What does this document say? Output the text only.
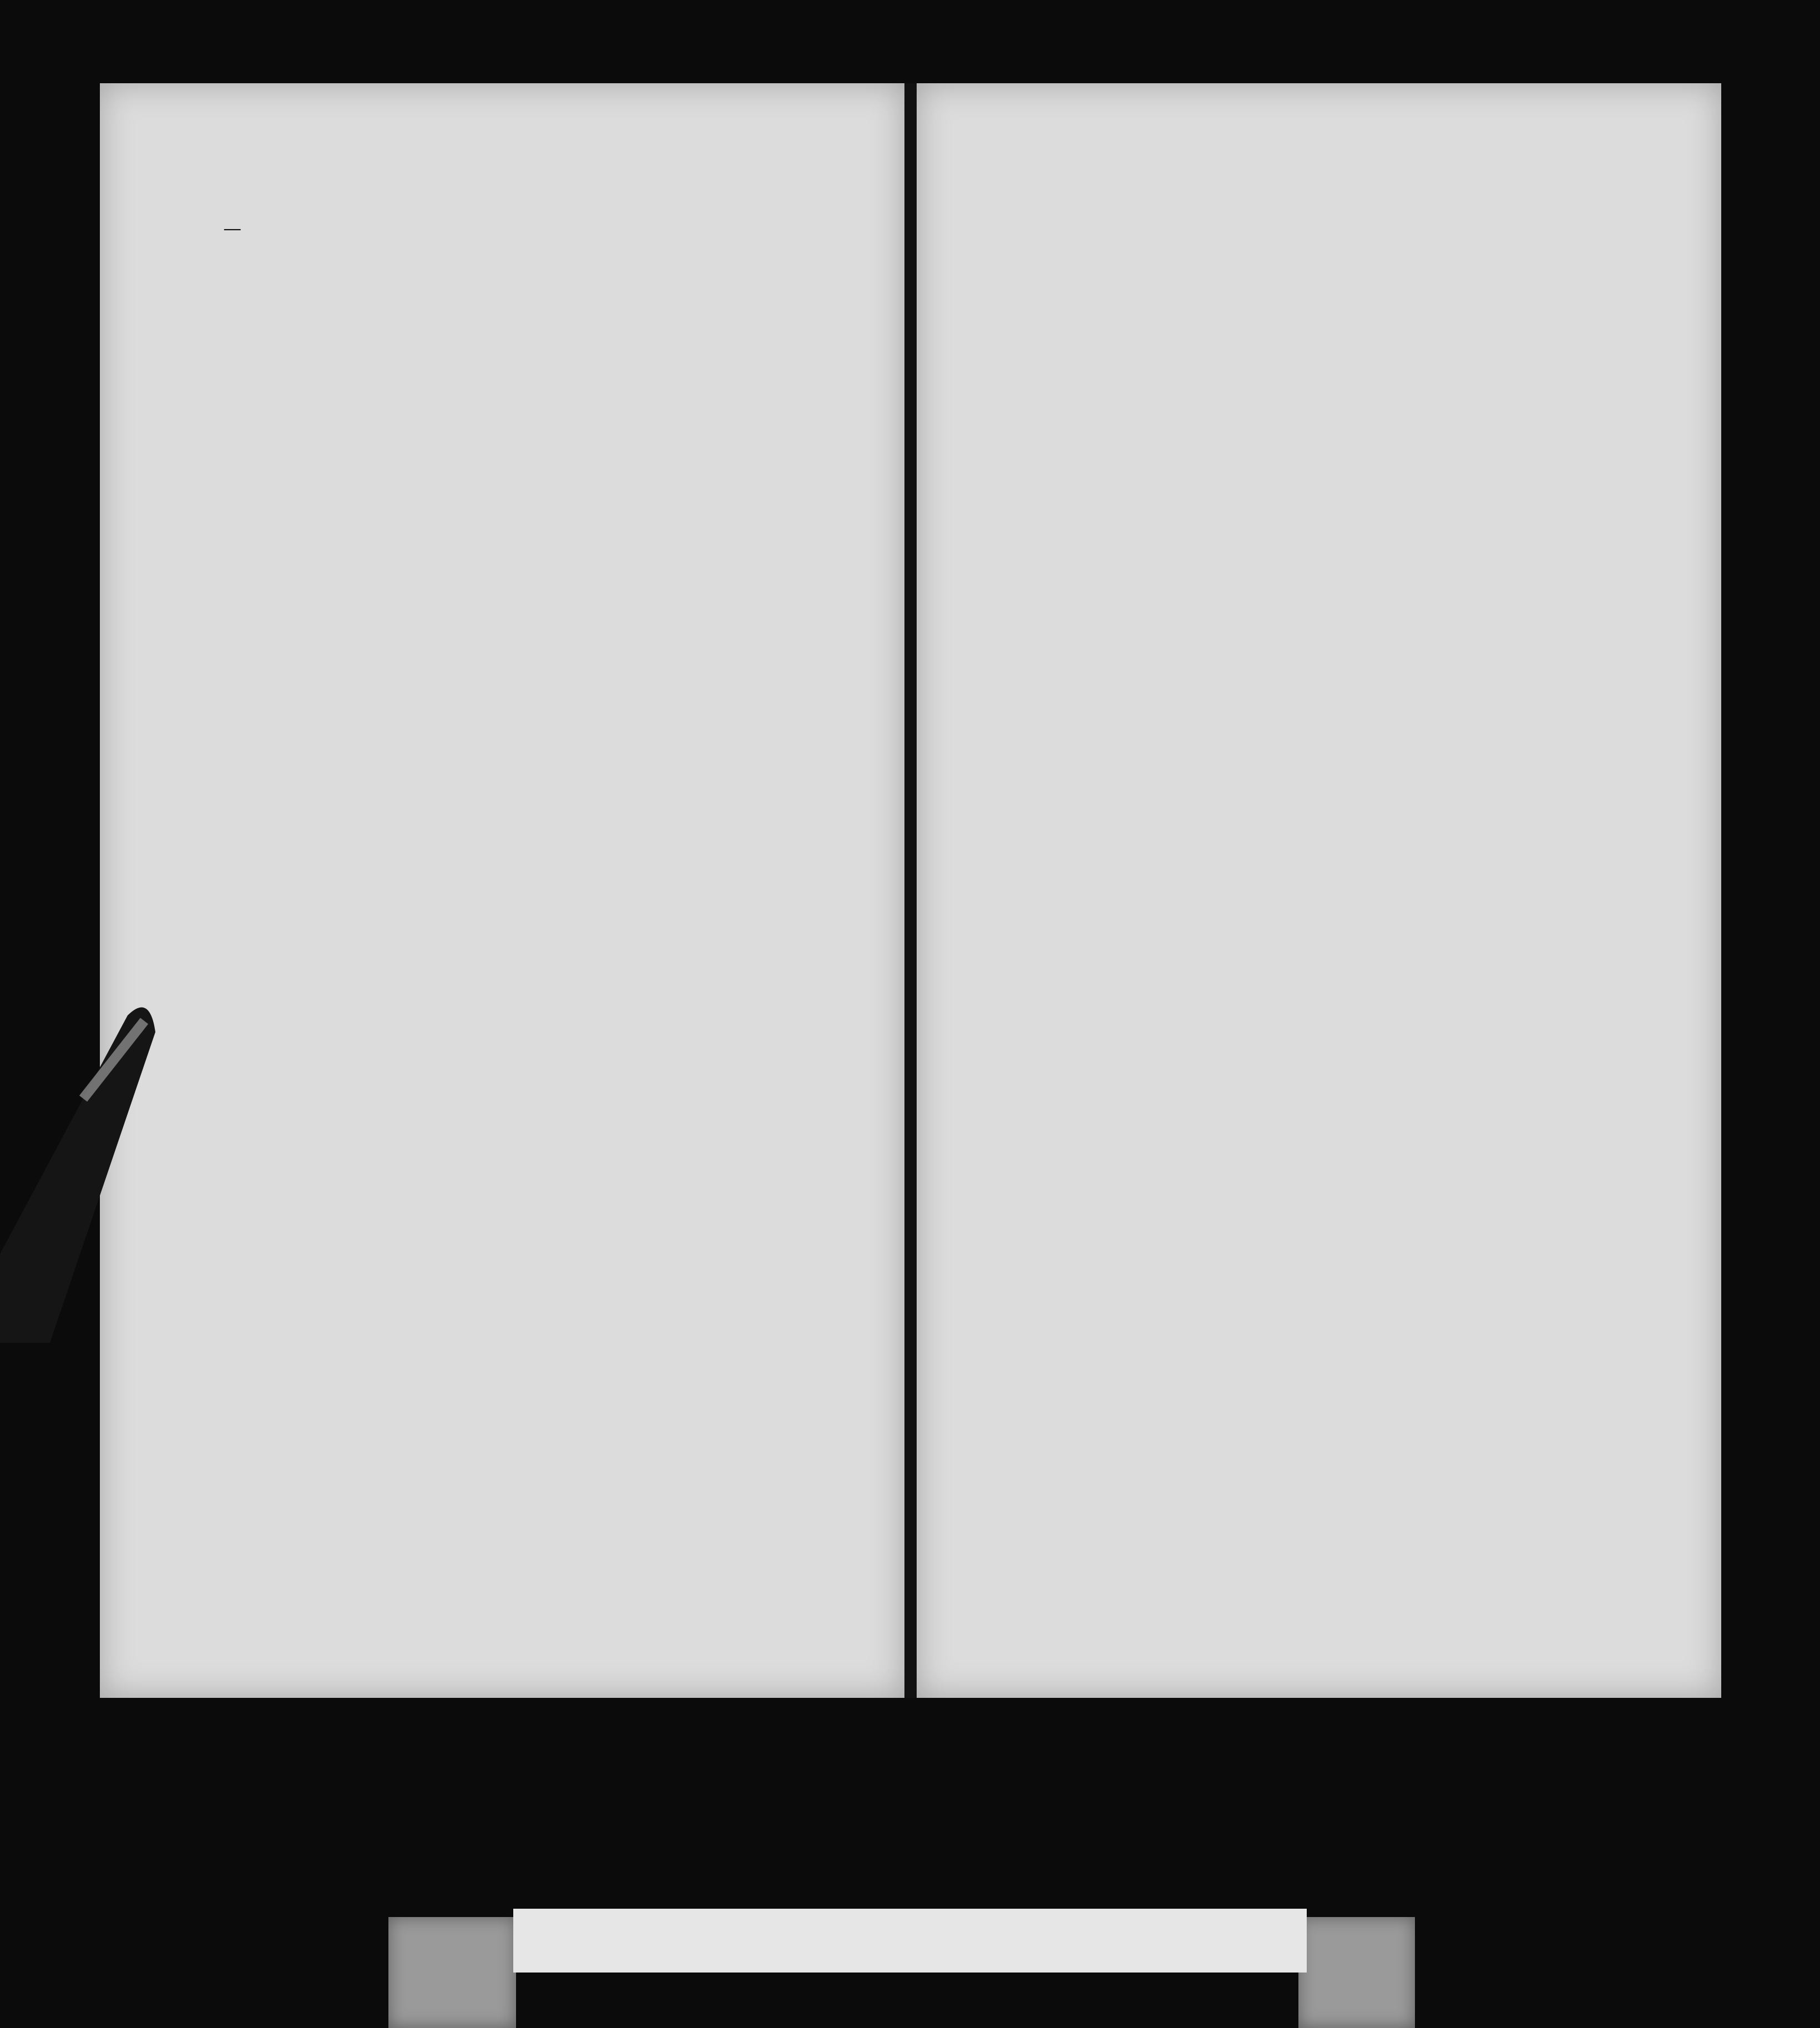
—
